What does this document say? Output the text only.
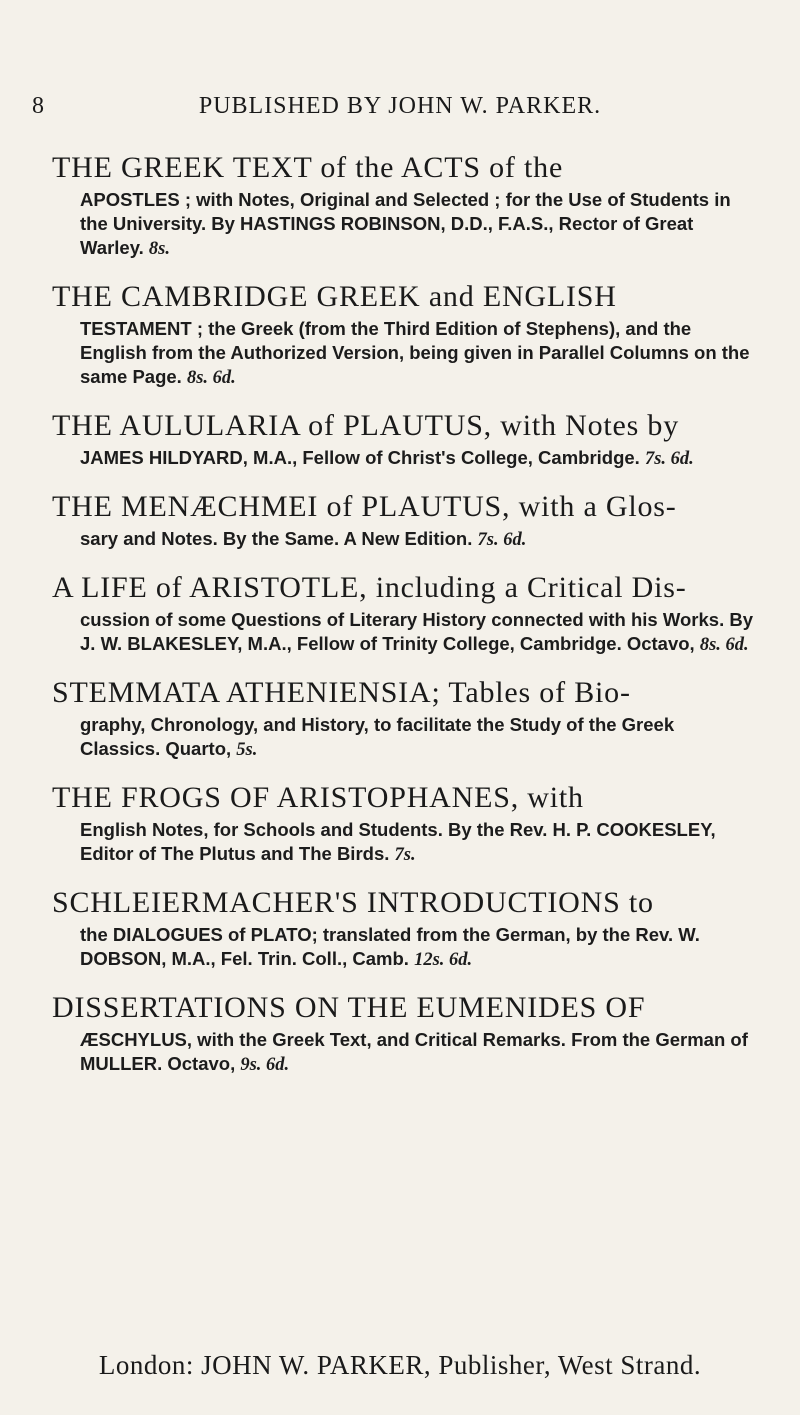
8	PUBLISHED BY JOHN W. PARKER.

THE GREEK TEXT of the ACTS of the

APOSTLES ; with Notes, Original and Selected ; for the Use of Students in the University. By HASTINGS ROBINSON, D.D., F.A.S., Rector of Great Warley. 8s.

THE CAMBRIDGE GREEK and ENGLISH

TESTAMENT ; the Greek (from the Third Edition of Stephens), and the English from the Authorized Version, being given in Parallel Columns on the same Page. 8s. 6d.

THE AULULARIA of PLAUTUS, with Notes by

JAMES HILDYARD, M.A., Fellow of Christ's College, Cambridge. 7s. 6d.

THE MENÆCHMEI of PLAUTUS, with a Glos-

sary and Notes. By the Same. A New Edition. 7s. 6d.

A LIFE of ARISTOTLE, including a Critical Dis-

cussion of some Questions of Literary History connected with his Works. By J. W. BLAKESLEY, M.A., Fellow of Trinity College, Cambridge. Octavo, 8s. 6d.

STEMMATA ATHENIENSIA; Tables of Bio-

graphy, Chronology, and History, to facilitate the Study of the Greek Classics. Quarto, 5s.

THE FROGS OF ARISTOPHANES, with

English Notes, for Schools and Students. By the Rev. H. P. COOKESLEY, Editor of The Plutus and The Birds. 7s.

SCHLEIERMACHER'S INTRODUCTIONS to

the DIALOGUES of PLATO; translated from the German, by the Rev. W. DOBSON, M.A., Fel. Trin. Coll., Camb. 12s. 6d.

DISSERTATIONS ON THE EUMENIDES OF

ÆSCHYLUS, with the Greek Text, and Critical Remarks. From the German of MULLER. Octavo, 9s. 6d.

London: JOHN W. PARKER, Publisher, West Strand.
